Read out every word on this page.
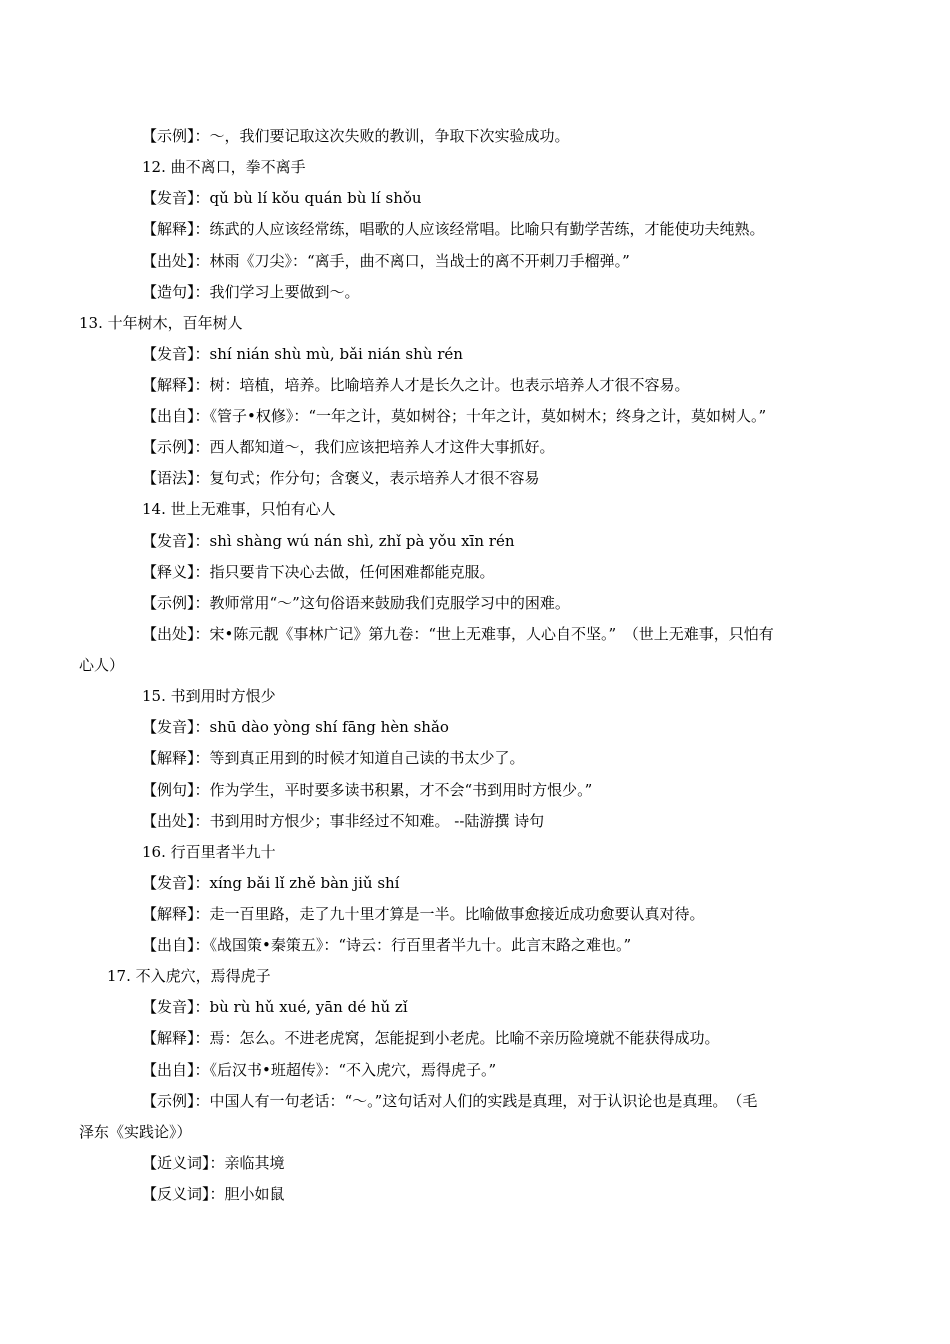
【示例】：～，我们要记取这次失败的教训，争取下次实验成功。
12. 曲不离口，拳不离手
【发音】：qǔ bù lí kǒu quán bù lí shǒu
【解释】：练武的人应该经常练，唱歌的人应该经常唱。比喻只有勤学苦练，才能使功夫纯熟。
【出处】：林雨《刀尖》：“离手，曲不离口，当战士的离不开刺刀手榴弹。”
【造句】：我们学习上要做到～。
13. 十年树木，百年树人
【发音】：shí nián shù mù, bǎi nián shù rén
【解释】：树：培植，培养。比喻培养人才是长久之计。也表示培养人才很不容易。
【出自】：《管子•权修》：“一年之计，莫如树谷；十年之计，莫如树木；终身之计，莫如树人。”
【示例】：西人都知道～，我们应该把培养人才这件大事抓好。
【语法】：复句式；作分句；含褒义，表示培养人才很不容易
14. 世上无难事，只怕有心人
【发音】：shì shàng wú nán shì, zhǐ pà yǒu xīn rén
【释义】：指只要肯下决心去做，任何困难都能克服。
【示例】：教师常用“～”这句俗语来鼓励我们克服学习中的困难。
【出处】：宋•陈元靓《事林广记》第九卷：“世上无难事，人心自不坚。”　（世上无难事，只怕有
心人）
15. 书到用时方恨少
【发音】：shū dào yòng shí fāng hèn shǎo
【解释】：等到真正用到的时候才知道自己读的书太少了。
【例句】：作为学生，平时要多读书积累，才不会“书到用时方恨少。”
【出处】：书到用时方恨少；事非经过不知难。 --陆游撰 诗句
16. 行百里者半九十
【发音】：xíng bǎi lǐ zhě bàn jiǔ shí
【解释】：走一百里路，走了九十里才算是一半。比喻做事愈接近成功愈要认真对待。
【出自】：《战国策•秦策五》：“诗云：行百里者半九十。此言末路之难也。”
17. 不入虎穴，焉得虎子
【发音】：bù rù hǔ xué, yān dé hǔ zǐ
【解释】：焉：怎么。不进老虎窝，怎能捉到小老虎。比喻不亲历险境就不能获得成功。
【出自】：《后汉书•班超传》：“不入虎穴，焉得虎子。”
【示例】：中国人有一句老话：“～。”这句话对人们的实践是真理，对于认识论也是真理。　（毛
泽东《实践论》）
【近义词】：亲临其境
【反义词】：胆小如鼠
